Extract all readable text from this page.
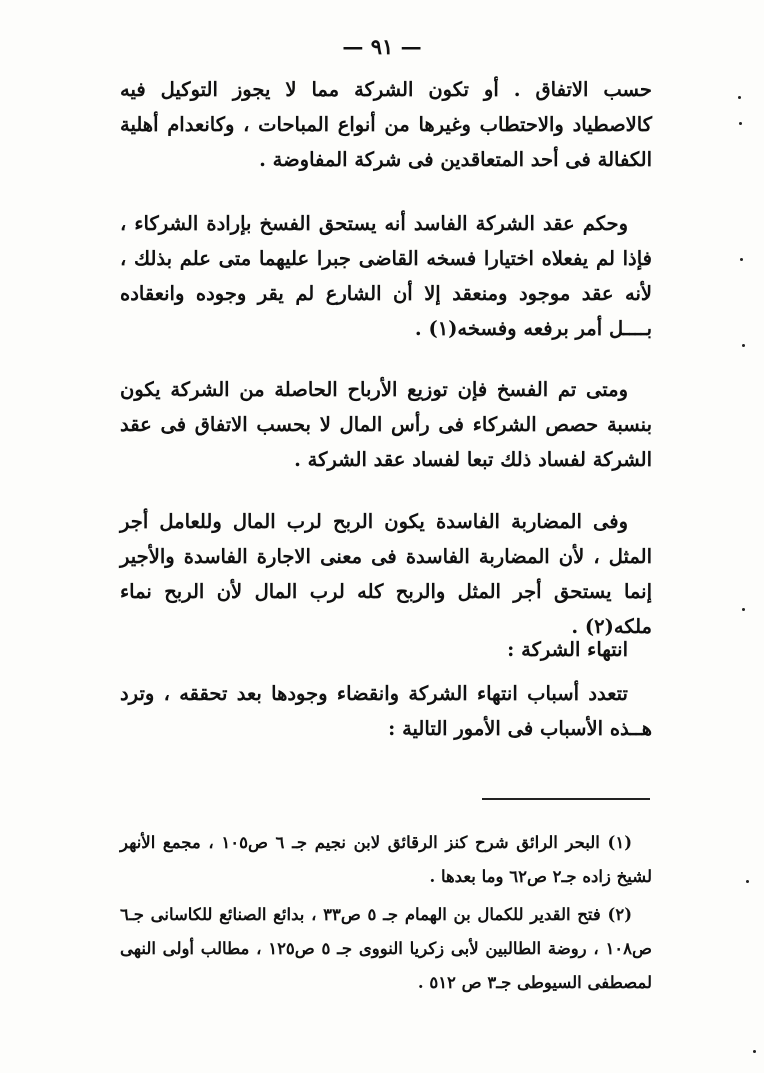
— ٩١ —
حسب الاتفاق . أو تكون الشركة مما لا يجوز التوكيل فيه كالاصطياد والاحتطاب وغيرها من أنواع المباحات ، وكانعدام أهلية الكفالة فى أحد المتعاقدين فى شركة المفاوضة .
وحكم عقد الشركة الفاسد أنه يستحق الفسخ بإرادة الشركاء ، فإذا لم يفعلاه اختيارا فسخه القاضى جبرا عليهما متى علم بذلك ، لأنه عقد موجود ومنعقد إلا أن الشارع لم يقر وجوده وانعقاده بــــل أمر برفعه وفسخه(١) .
ومتى تم الفسخ فإن توزيع الأرباح الحاصلة من الشركة يكون بنسبة حصص الشركاء فى رأس المال لا بحسب الاتفاق فى عقد الشركة لفساد ذلك تبعا لفساد عقد الشركة .
وفى المضاربة الفاسدة يكون الربح لرب المال وللعامل أجر المثل ، لأن المضاربة الفاسدة فى معنى الاجارة الفاسدة والأجير إنما يستحق أجر المثل والربح كله لرب المال لأن الربح نماء ملكه(٢) .
انتهاء الشركة :
تتعدد أسباب انتهاء الشركة وانقضاء وجودها بعد تحققه ، وترد هــذه الأسباب فى الأمور التالية :
(١) البحر الرائق شرح كنز الرقائق لابن نجيم جـ ٦ ص١٠٥ ، مجمع الأنهر لشيخ زاده جـ٢ ص٦٢ وما بعدها .
(٢) فتح القدير للكمال بن الهمام جـ ٥ ص٣٣ ، بدائع الصنائع للكاسانى جـ٦ ص١٠٨ ، روضة الطالبين لأبى زكريا النووى جـ ٥ ص١٢٥ ، مطالب أولى النهى لمصطفى السيوطى جـ٣ ص ٥١٢ .
